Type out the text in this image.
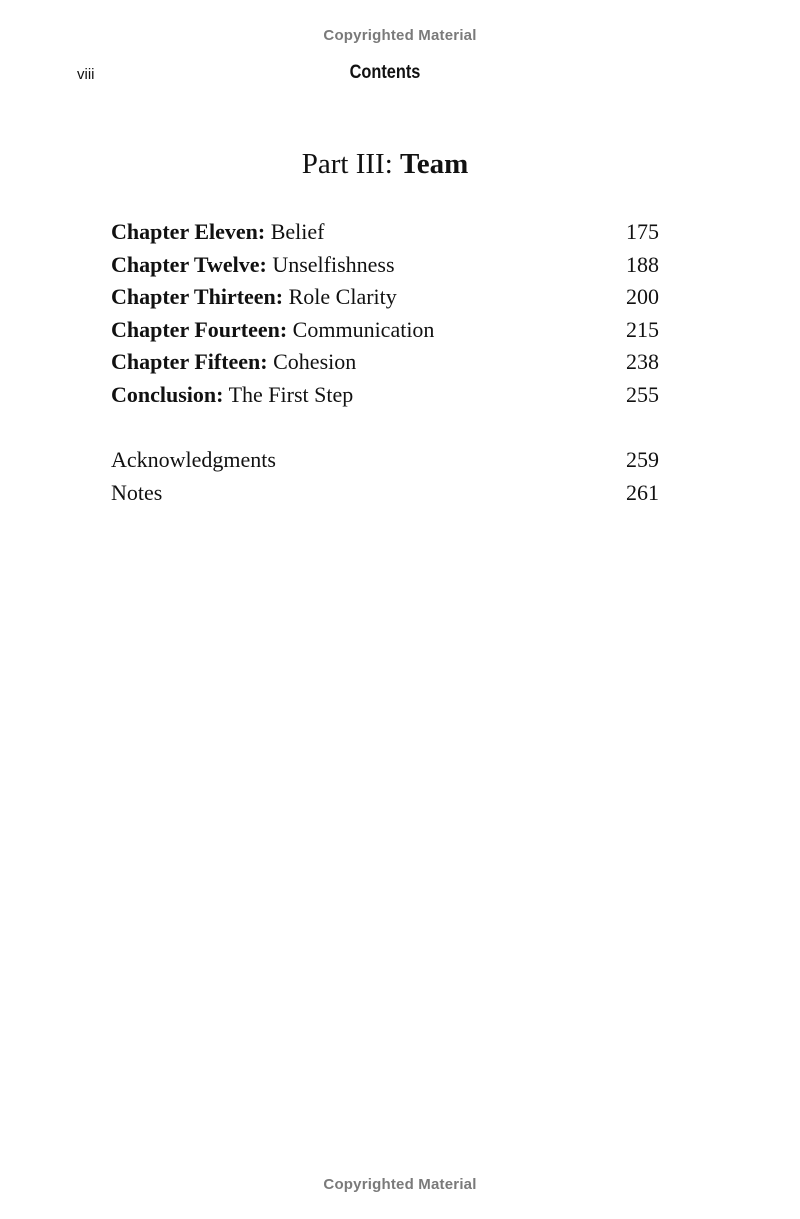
Copyrighted Material
viii	Contents
Part III: Team
Chapter Eleven: Belief	175
Chapter Twelve: Unselfishness	188
Chapter Thirteen: Role Clarity	200
Chapter Fourteen: Communication	215
Chapter Fifteen: Cohesion	238
Conclusion: The First Step	255
Acknowledgments	259
Notes	261
Copyrighted Material
